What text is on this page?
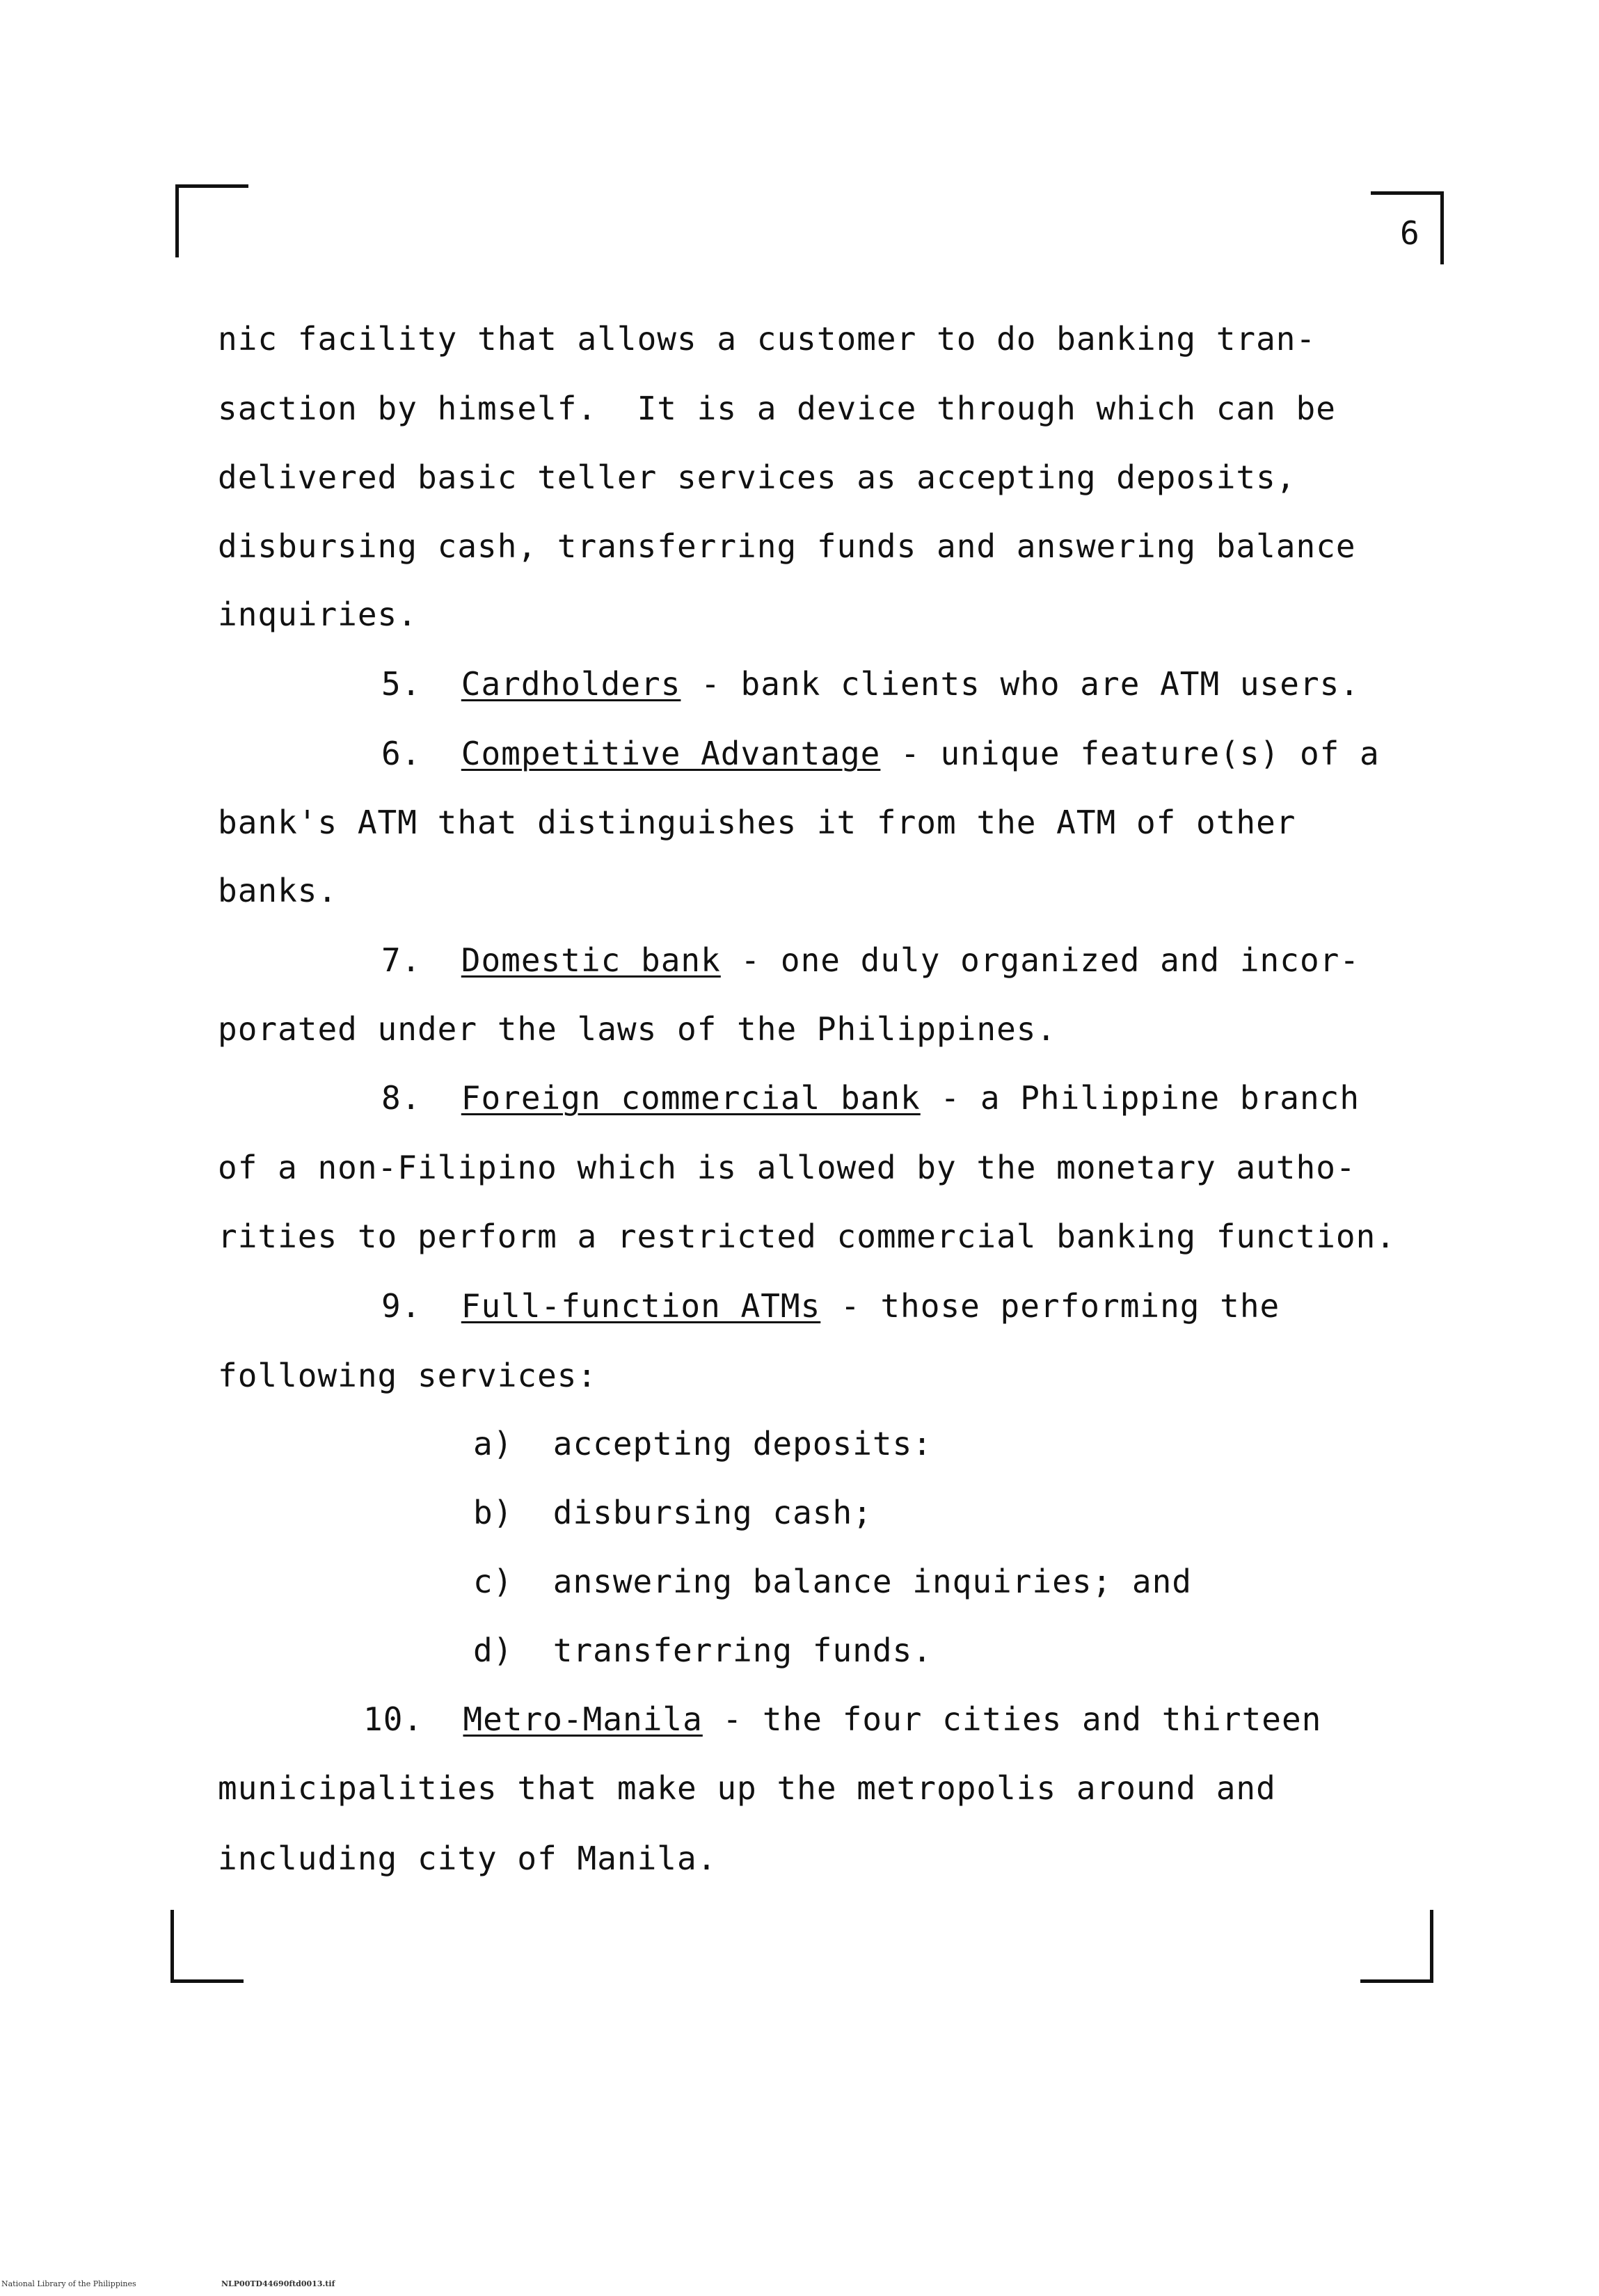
6

nic facility that allows a customer to do banking tran-

saction by himself.  It is a device through which can be

delivered basic teller services as accepting deposits,

disbursing cash, transferring funds and answering balance

inquiries.

5. Cardholders - bank clients who are ATM users.

6. Competitive Advantage - unique feature(s) of a

bank's ATM that distinguishes it from the ATM of other

banks.

7. Domestic bank - one duly organized and incor-

porated under the laws of the Philippines.

8. Foreign commercial bank - a Philippine branch

of a non-Filipino which is allowed by the monetary autho-

rities to perform a restricted commercial banking function.

9. Full-function ATMs - those performing the

following services:

a) accepting deposits:

b) disbursing cash;

c) answering balance inquiries; and

d) transferring funds.

10. Metro-Manila - the four cities and thirteen

municipalities that make up the metropolis around and

including city of Manila.

National Library of the Philippines	NLP00TD44690ftd0013.tif
